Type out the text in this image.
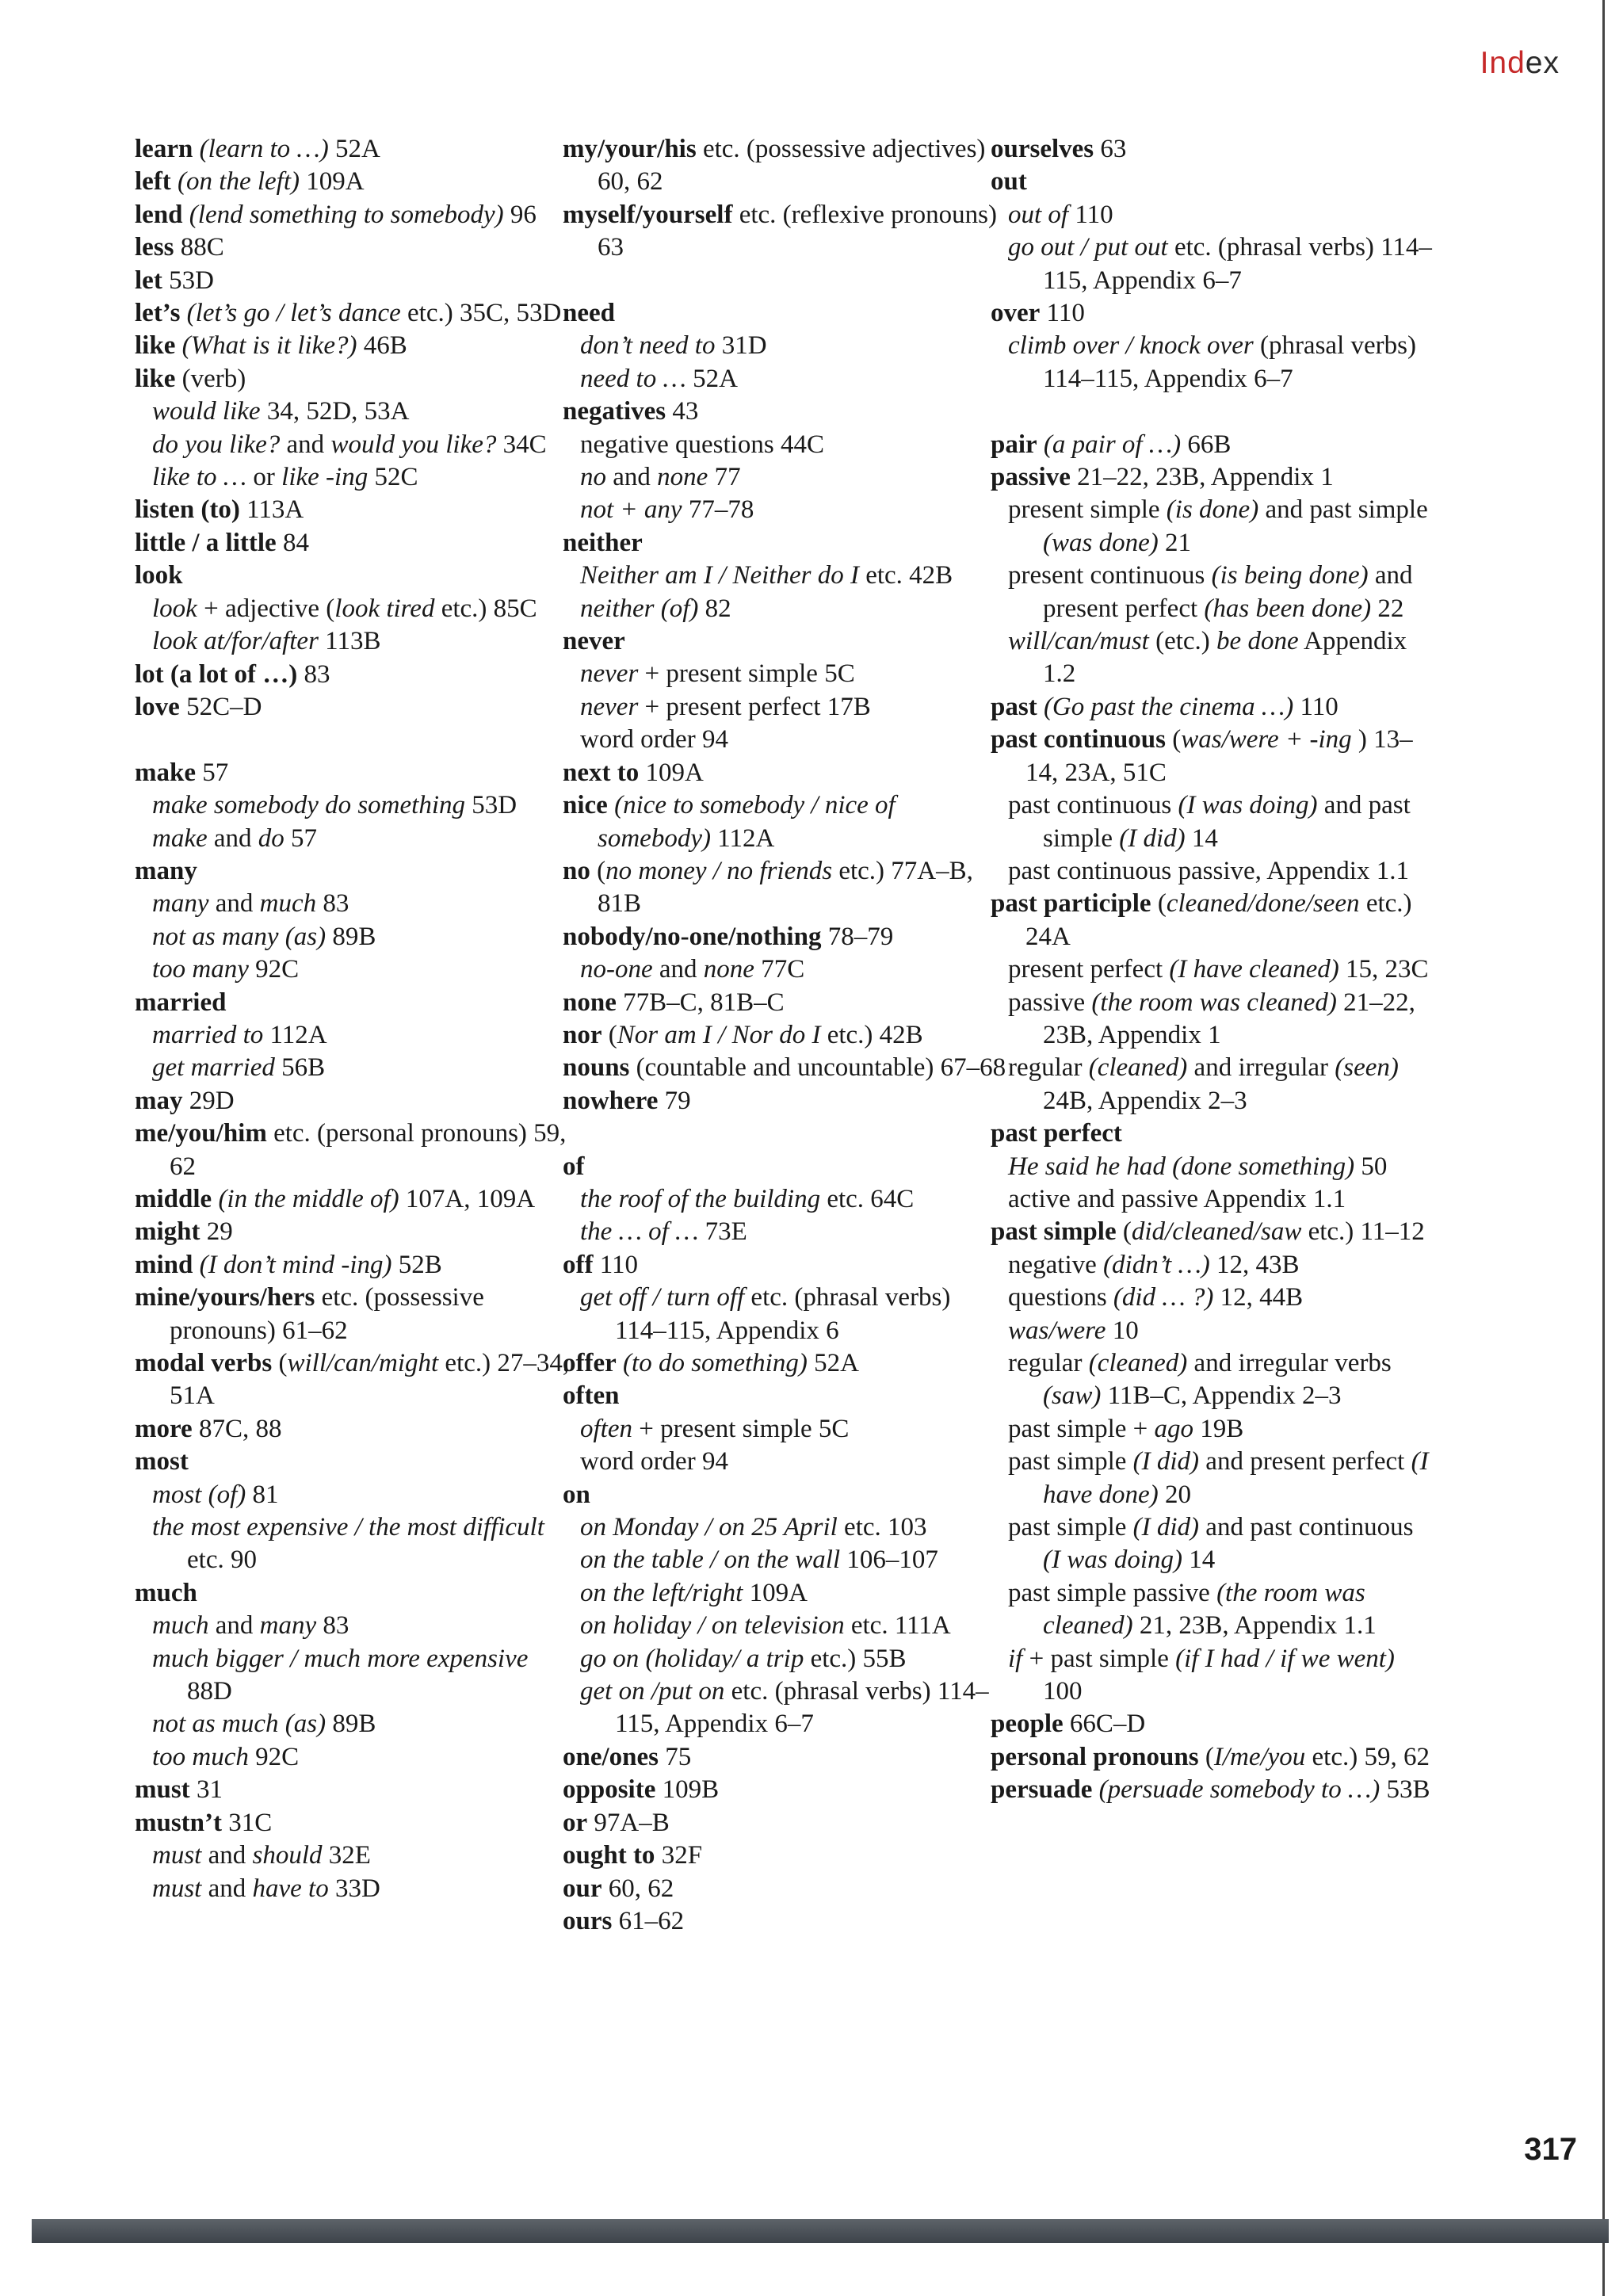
Index
learn (learn to …) 52A
left (on the left) 109A
lend (lend something to somebody) 96
less 88C
let 53D
let’s (let’s go / let’s dance etc.) 35C, 53D
like (What is it like?) 46B
like (verb)
would like 34, 52D, 53A
do you like? and would you like? 34C
like to … or like -ing 52C
listen (to) 113A
little / a little 84
look
look + adjective (look tired etc.) 85C
look at/for/after 113B
lot (a lot of …) 83
love 52C–D
make 57
make somebody do something 53D
make and do 57
many
many and much 83
not as many (as) 89B
too many 92C
married
married to 112A
get married 56B
may 29D
me/you/him etc. (personal pronouns) 59, 62
middle (in the middle of) 107A, 109A
might 29
mind (I don’t mind -ing) 52B
mine/yours/hers etc. (possessive pronouns) 61–62
modal verbs (will/can/might etc.) 27–34, 51A
more 87C, 88
most
most (of) 81
the most expensive / the most difficult etc. 90
much
much and many 83
much bigger / much more expensive 88D
not as much (as) 89B
too much 92C
must 31
mustn’t 31C
must and should 32E
must and have to 33D
my/your/his etc. (possessive adjectives) 60, 62
myself/yourself etc. (reflexive pronouns) 63
need
don’t need to 31D
need to … 52A
negatives 43
negative questions 44C
no and none 77
not + any 77–78
neither
Neither am I / Neither do I etc. 42B
neither (of) 82
never
never + present simple 5C
never + present perfect 17B
word order 94
next to 109A
nice (nice to somebody / nice of somebody) 112A
no (no money / no friends etc.) 77A–B, 81B
nobody/no-one/nothing 78–79
no-one and none 77C
none 77B–C, 81B–C
nor (Nor am I / Nor do I etc.) 42B
nouns (countable and uncountable) 67–68
nowhere 79
of
the roof of the building etc. 64C
the … of … 73E
off 110
get off / turn off etc. (phrasal verbs) 114–115, Appendix 6
offer (to do something) 52A
often
often + present simple 5C
word order 94
on
on Monday / on 25 April etc. 103
on the table / on the wall 106–107
on the left/right 109A
on holiday / on television etc. 111A
go on (holiday/ a trip etc.) 55B
get on /put on etc. (phrasal verbs) 114–115, Appendix 6–7
one/ones 75
opposite 109B
or 97A–B
ought to 32F
our 60, 62
ours 61–62
ourselves 63
out
out of 110
go out / put out etc. (phrasal verbs) 114–115, Appendix 6–7
over 110
climb over / knock over (phrasal verbs) 114–115, Appendix 6–7
pair (a pair of …) 66B
passive 21–22, 23B, Appendix 1
present simple (is done) and past simple (was done) 21
present continuous (is being done) and present perfect (has been done) 22
will/can/must (etc.) be done Appendix 1.2
past (Go past the cinema …) 110
past continuous (was/were + -ing ) 13–14, 23A, 51C
past continuous (I was doing) and past simple (I did) 14
past continuous passive, Appendix 1.1
past participle (cleaned/done/seen etc.) 24A
present perfect (I have cleaned) 15, 23C
passive (the room was cleaned) 21–22, 23B, Appendix 1
regular (cleaned) and irregular (seen) 24B, Appendix 2–3
past perfect
He said he had (done something) 50
active and passive Appendix 1.1
past simple (did/cleaned/saw etc.) 11–12
negative (didn’t …) 12, 43B
questions (did … ?) 12, 44B
was/were 10
regular (cleaned) and irregular verbs (saw) 11B–C, Appendix 2–3
past simple + ago 19B
past simple (I did) and present perfect (I have done) 20
past simple (I did) and past continuous (I was doing) 14
past simple passive (the room was cleaned) 21, 23B, Appendix 1.1
if + past simple (if I had / if we went) 100
people 66C–D
personal pronouns (I/me/you etc.) 59, 62
persuade (persuade somebody to …) 53B
317
